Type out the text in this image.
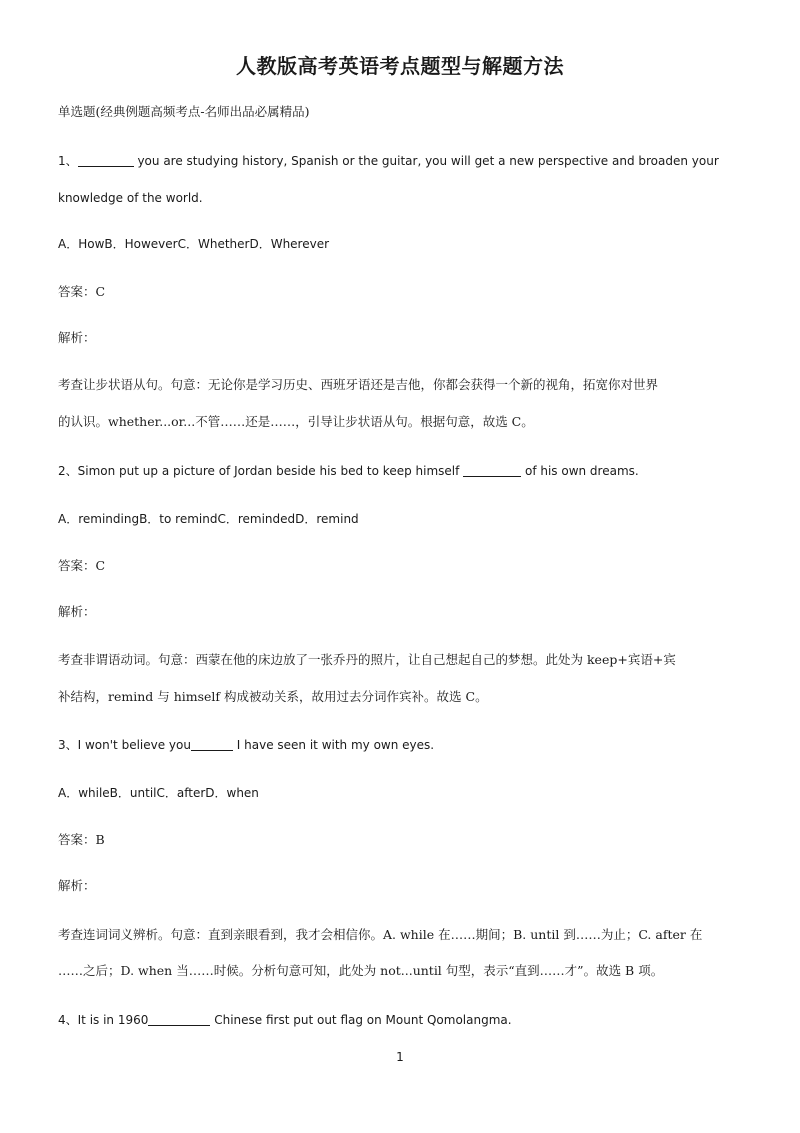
人教版高考英语考点题型与解题方法
单选题(经典例题高频考点-名师出品必属精品)
1、	you are studying history, Spanish or the guitar, you will get a new perspective and broaden your
knowledge of the world.
A．HowB．HoweverC．WhetherD．Wherever
答案：C
解析：
考查让步状语从句。句意：无论你是学习历史、西班牙语还是吉他，你都会获得一个新的视角，拓宽你对世界
的认识。whether...or...不管……还是……，引导让步状语从句。根据句意，故选 C。
2、Simon put up a picture of Jordan beside his bed to keep himself	of his own dreams.
A．remindingB．to remindC．remindedD．remind
答案：C
解析：
考查非谓语动词。句意：西蒙在他的床边放了一张乔丹的照片，让自己想起自己的梦想。此处为 keep+宾语+宾
补结构，remind 与 himself 构成被动关系，故用过去分词作宾补。故选 C。
3、I won't believe you	I have seen it with my own eyes.
A．whileB．untilC．afterD．when
答案：B
解析：
考查连词词义辨析。句意：直到亲眼看到，我才会相信你。A. while 在……期间；B. until 到……为止；C. after 在
……之后；D. when 当……时候。分析句意可知，此处为 not...until 句型，表示“直到……才”。故选 B 项。
4、It is in 1960	Chinese first put out flag on Mount Qomolangma.
1
